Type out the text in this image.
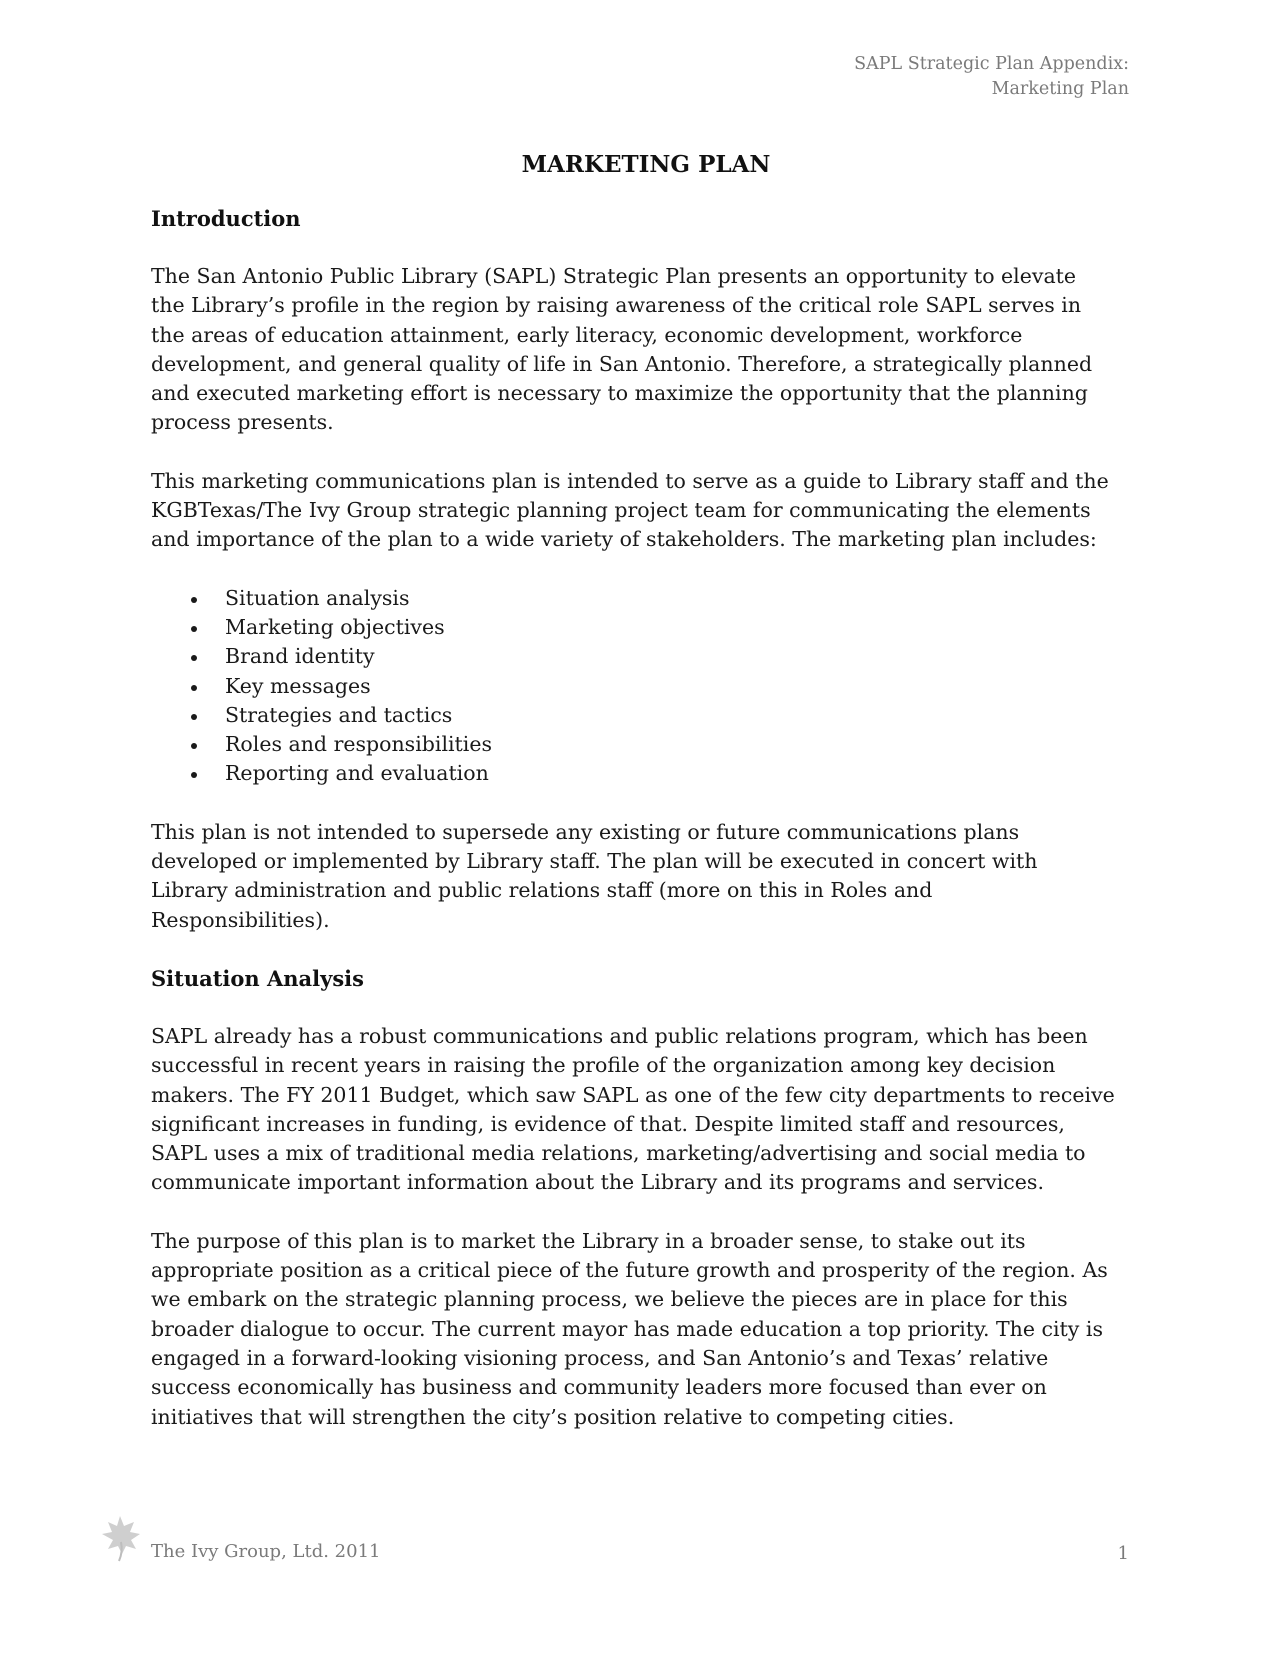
SAPL Strategic Plan Appendix:
Marketing Plan
MARKETING PLAN
Introduction

The San Antonio Public Library (SAPL) Strategic Plan presents an opportunity to elevate
the Library’s profile in the region by raising awareness of the critical role SAPL serves in
the areas of education attainment, early literacy, economic development, workforce
development, and general quality of life in San Antonio. Therefore, a strategically planned
and executed marketing effort is necessary to maximize the opportunity that the planning
process presents.

This marketing communications plan is intended to serve as a guide to Library staff and the
KGBTexas/The Ivy Group strategic planning project team for communicating the elements
and importance of the plan to a wide variety of stakeholders. The marketing plan includes:

Situation analysis
Marketing objectives
Brand identity
Key messages
Strategies and tactics
Roles and responsibilities
Reporting and evaluation

This plan is not intended to supersede any existing or future communications plans
developed or implemented by Library staff. The plan will be executed in concert with
Library administration and public relations staff (more on this in Roles and
Responsibilities).

Situation Analysis

SAPL already has a robust communications and public relations program, which has been
successful in recent years in raising the profile of the organization among key decision
makers. The FY 2011 Budget, which saw SAPL as one of the few city departments to receive
significant increases in funding, is evidence of that. Despite limited staff and resources,
SAPL uses a mix of traditional media relations, marketing/advertising and social media to
communicate important information about the Library and its programs and services.

The purpose of this plan is to market the Library in a broader sense, to stake out its
appropriate position as a critical piece of the future growth and prosperity of the region. As
we embark on the strategic planning process, we believe the pieces are in place for this
broader dialogue to occur. The current mayor has made education a top priority. The city is
engaged in a forward-looking visioning process, and San Antonio’s and Texas’ relative
success economically has business and community leaders more focused than ever on
initiatives that will strengthen the city’s position relative to competing cities.

The Ivy Group, Ltd. 2011	1
